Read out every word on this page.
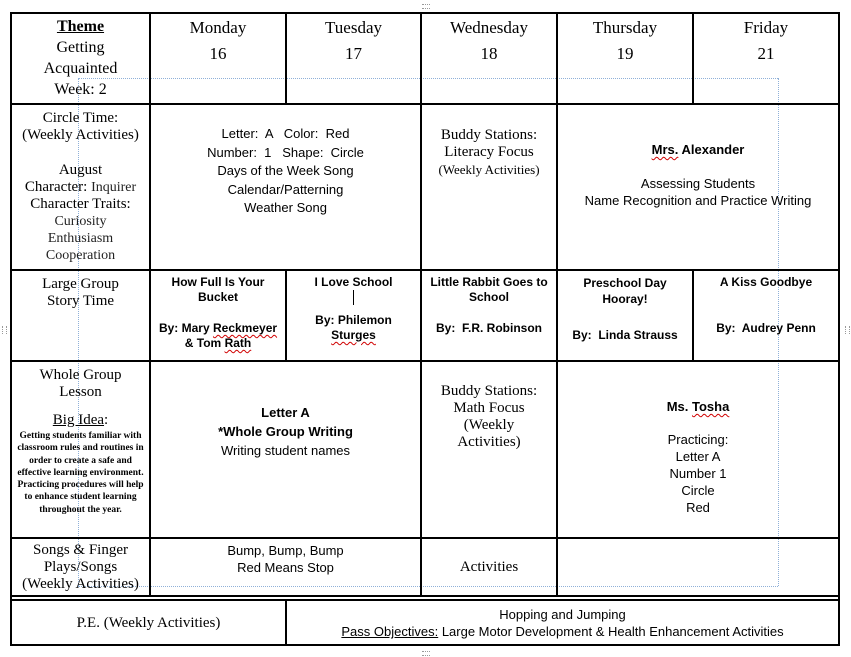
Theme
Getting
Acquainted
Week: 2
Monday
16
Tuesday
17
Wednesday
18
Thursday
19
Friday
21
Circle Time:
(Weekly Activities)
August
Character: Inquirer
Character Traits:
Curiosity
Enthusiasm
Cooperation
Letter:  A   Color:  Red
Number:  1   Shape:  Circle
Days of the Week Song
Calendar/Patterning
Weather Song
Buddy Stations:
Literacy Focus
(Weekly Activities)
Mrs. Alexander
Assessing Students
Name Recognition and Practice Writing
Large Group
Story Time
How Full Is Your
Bucket
By: Mary Reckmeyer
& Tom Rath
I Love School
By: Philemon
Sturges
Little Rabbit Goes to
School
By:  F.R. Robinson
Preschool Day
Hooray!
By:  Linda Strauss
A Kiss Goodbye
By:  Audrey Penn
Whole Group
Lesson
Big Idea:
Getting students familiar with classroom rules and routines in order to create a safe and effective learning environment. Practicing procedures will help to enhance student learning throughout the year.
Letter A
*Whole Group Writing
Writing student names
Buddy Stations:
Math Focus
(Weekly
Activities)
Ms. Tosha
Practicing:
Letter A
Number 1
Circle
Red
Songs & Finger
Plays/Songs
(Weekly Activities)
Bump, Bump, Bump
Red Means Stop	Activities
P.E. (Weekly Activities)
Hopping and Jumping
Pass Objectives: Large Motor Development & Health Enhancement Activities
